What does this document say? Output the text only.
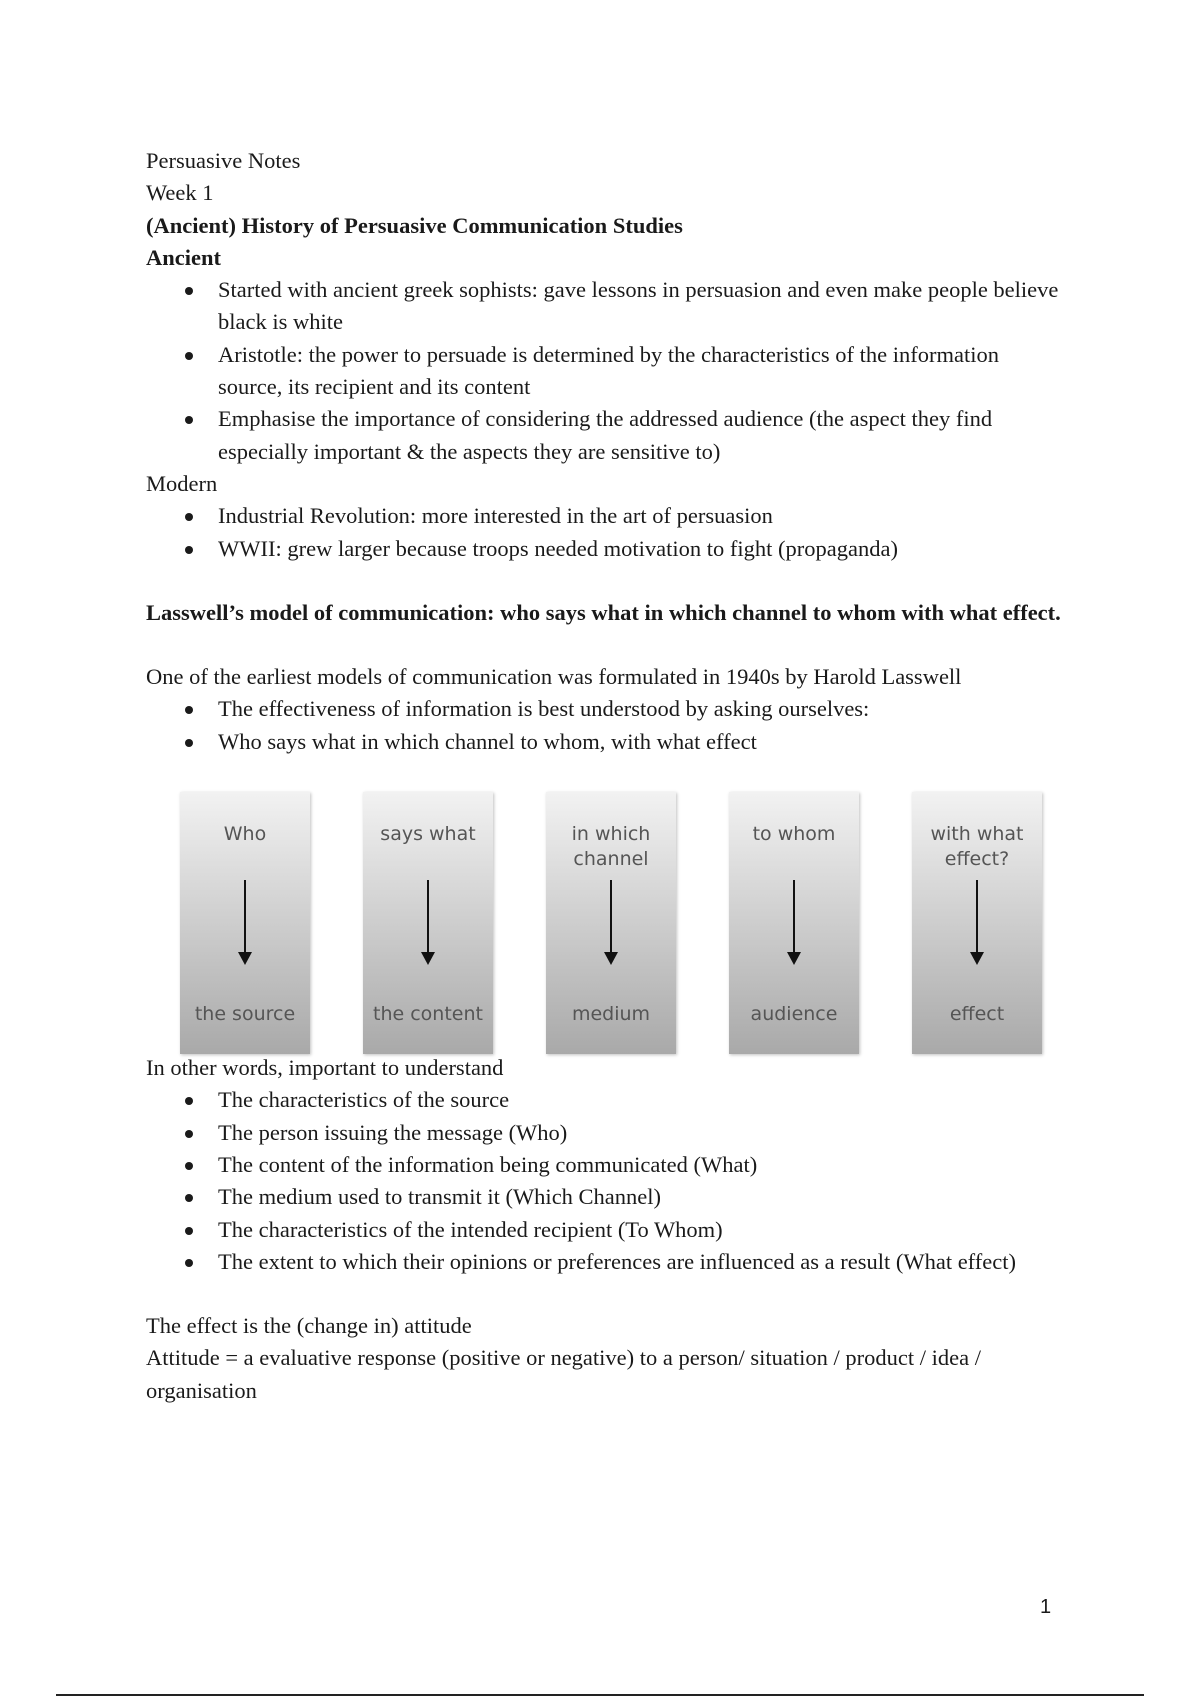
Persuasive Notes
Week 1
(Ancient) History of Persuasive Communication Studies
Ancient
Started with ancient greek sophists: gave lessons in persuasion and even make people believe black is white
Aristotle: the power to persuade is determined by the characteristics of the information source, its recipient and its content
Emphasise the importance of considering the addressed audience (the aspect they find especially important & the aspects they are sensitive to)
Modern
Industrial Revolution: more interested in the art of persuasion
WWII: grew larger because troops needed motivation to fight (propaganda)
Lasswell’s model of communication: who says what in which channel to whom with what effect.
One of the earliest models of communication was formulated in 1940s by Harold Lasswell
The effectiveness of information is best understood by asking ourselves:
Who says what in which channel to whom, with what effect
Who
the source
says what
the content
in which channel
medium
to whom
audience
with what effect?
effect
In other words, important to understand
The characteristics of the source
The person issuing the message (Who)
The content of the information being communicated (What)
The medium used to transmit it (Which Channel)
The characteristics of the intended recipient (To Whom)
The extent to which their opinions or preferences are influenced as a result (What effect)
The effect is the (change in) attitude
Attitude = a evaluative response (positive or negative) to a person/ situation / product / idea / organisation
1
